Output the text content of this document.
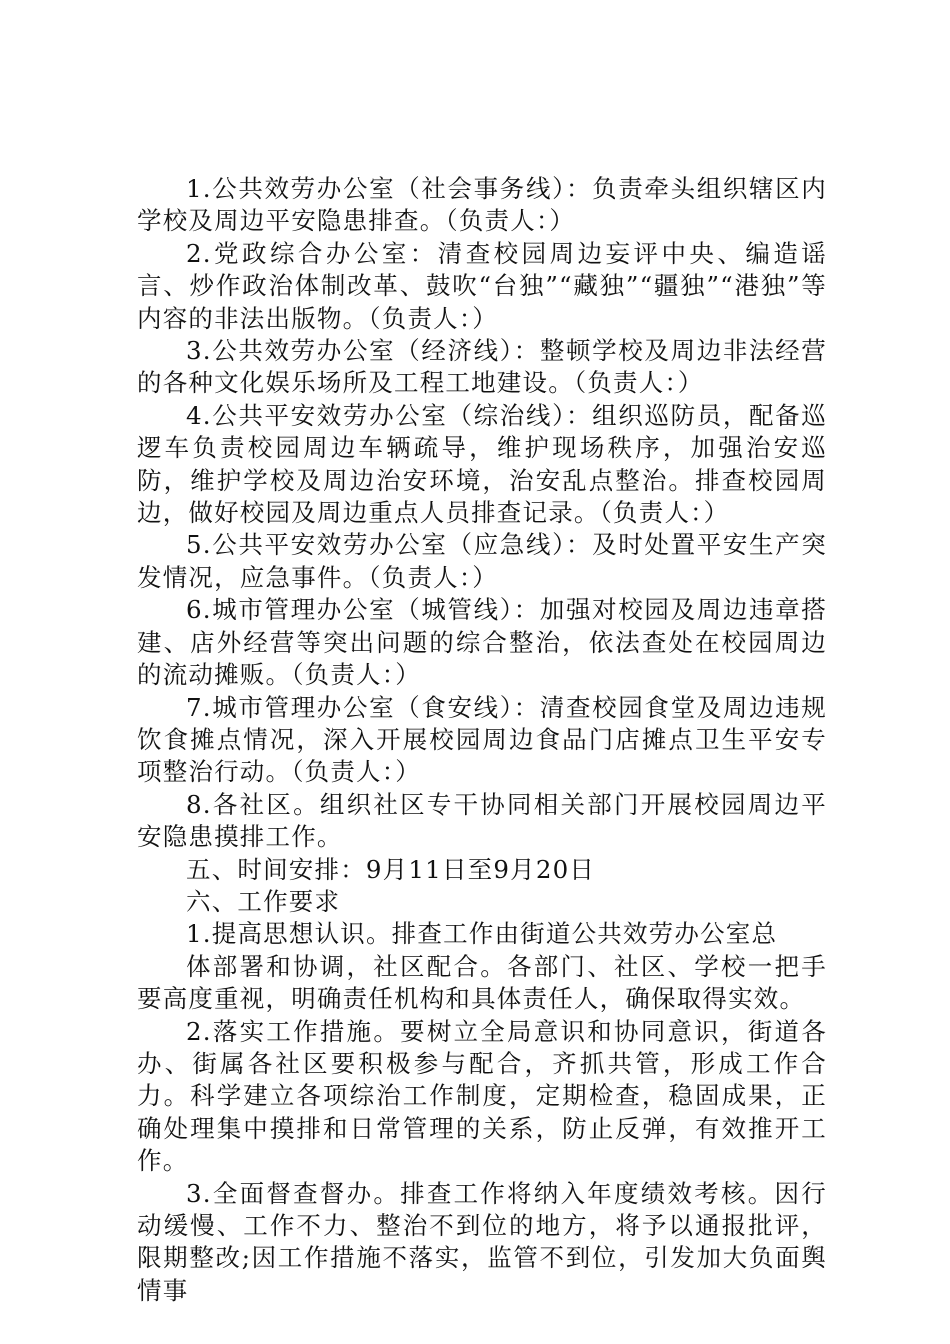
1.公共效劳办公室（社会事务线）：负责牵头组织辖区内学校及周边平安隐患排查。（负责人：）

2.党政综合办公室：清查校园周边妄评中央、编造谣言、炒作政治体制改革、鼓吹“台独”“藏独”“疆独”“港独”等内容的非法出版物。（负责人：）

3.公共效劳办公室（经济线）：整顿学校及周边非法经营的各种文化娱乐场所及工程工地建设。（负责人：）

4.公共平安效劳办公室（综治线）：组织巡防员，配备巡逻车负责校园周边车辆疏导，维护现场秩序，加强治安巡防，维护学校及周边治安环境，治安乱点整治。排查校园周边，做好校园及周边重点人员排查记录。（负责人：）

5.公共平安效劳办公室（应急线）：及时处置平安生产突发情况，应急事件。（负责人：）

6.城市管理办公室（城管线）：加强对校园及周边违章搭建、店外经营等突出问题的综合整治，依法查处在校园周边的流动摊贩。（负责人：）

7.城市管理办公室（食安线）：清查校园食堂及周边违规饮食摊点情况，深入开展校园周边食品门店摊点卫生平安专项整治行动。（负责人：）

8.各社区。组织社区专干协同相关部门开展校园周边平安隐患摸排工作。

五、时间安排：9月11日至9月20日

六、工作要求

1.提高思想认识。排查工作由街道公共效劳办公室总

体部署和协调，社区配合。各部门、社区、学校一把手要高度重视，明确责任机构和具体责任人，确保取得实效。

2.落实工作措施。要树立全局意识和协同意识，街道各办、街属各社区要积极参与配合，齐抓共管，形成工作合力。科学建立各项综治工作制度，定期检查，稳固成果，正确处理集中摸排和日常管理的关系，防止反弹，有效推开工作。

3.全面督查督办。排查工作将纳入年度绩效考核。因行动缓慢、工作不力、整治不到位的地方，将予以通报批评，限期整改;因工作措施不落实，监管不到位，引发加大负面舆情事
